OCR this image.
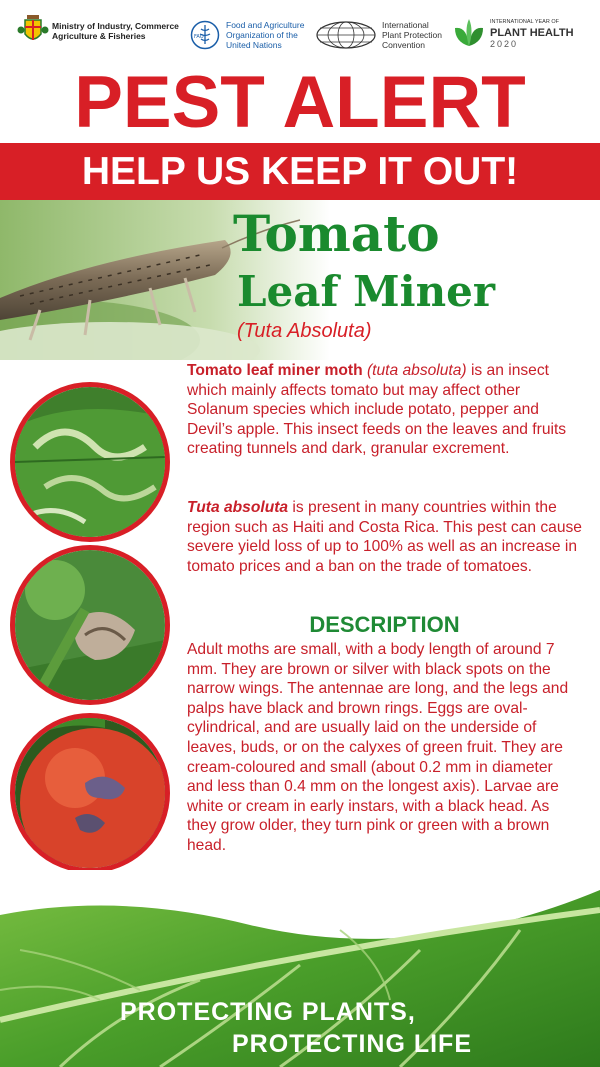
Ministry of Industry, Commerce
Agriculture & Fisheries	FAO
Food and Agriculture
Organization of the
United Nations
International
Plant Protection
Convention
INTERNATIONAL YEAR OF
PLANT HEALTH
2020
PEST ALERT
HELP US KEEP IT OUT!
Tomato
Leaf Miner
(Tuta Absoluta)

Tomato leaf miner moth (tuta absoluta) is an insect which mainly affects tomato but may affect other Solanum species which include potato, pepper and Devil’s apple. This insect feeds on the leaves and fruits creating tunnels and dark, granular excrement.

Tuta absoluta is present in many countries within the region such as Haiti and Costa Rica. This pest can cause severe yield loss of up to 100% as well as an increase in tomato prices and a ban on the trade of tomatoes.

DESCRIPTION

Adult moths are small, with a body length of around 7 mm. They are brown or silver with black spots on the narrow wings. The antennae are long, and the legs and palps have black and brown rings. Eggs are oval-cylindrical, and are usually laid on the underside of leaves, buds, or on the calyxes of green fruit. They are cream-coloured and small (about 0.2 mm in diameter and less than 0.4 mm on the longest axis). Larvae are white or cream in early instars, with a black head. As they grow older, they turn pink or green with a brown head.

PROTECTING PLANTS,
PROTECTING LIFE
